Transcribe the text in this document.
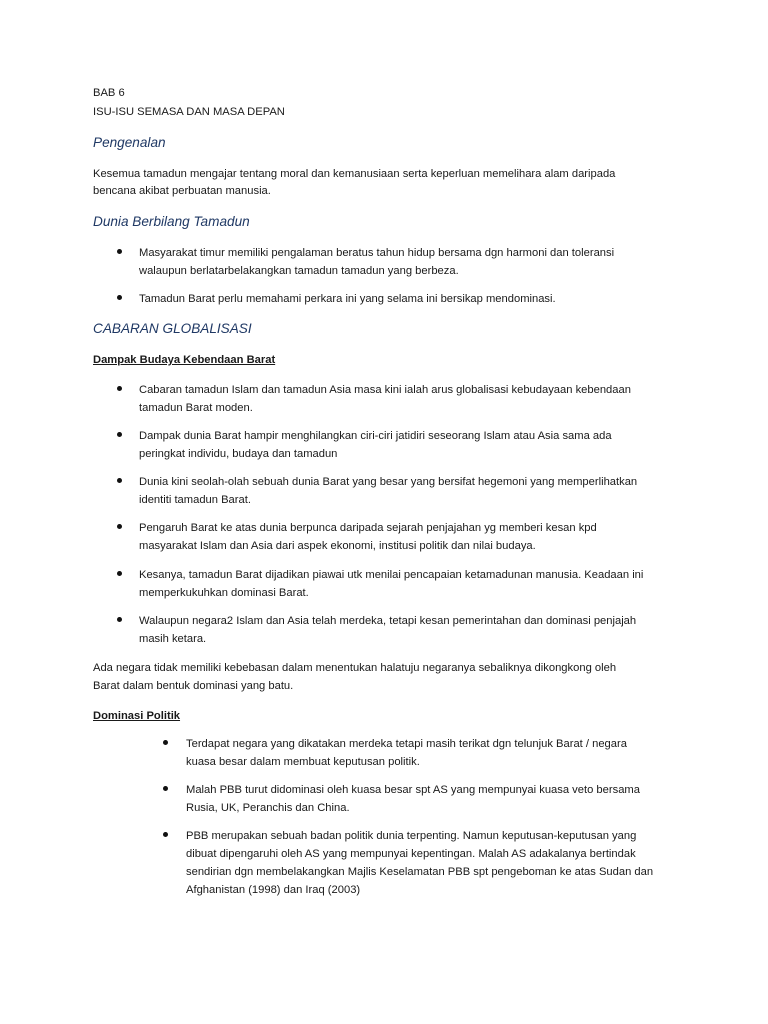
BAB 6
ISU-ISU SEMASA DAN MASA DEPAN
Pengenalan
Kesemua tamadun mengajar tentang moral dan kemanusiaan serta keperluan memelihara alam daripada
bencana akibat perbuatan manusia.
Dunia Berbilang Tamadun
Masyarakat timur memiliki pengalaman beratus tahun hidup bersama dgn harmoni dan toleransi
walaupun berlatarbelakangkan tamadun tamadun yang berbeza.
Tamadun Barat perlu memahami perkara ini yang selama ini bersikap mendominasi.
CABARAN GLOBALISASI
Dampak Budaya Kebendaan Barat
Cabaran tamadun Islam dan tamadun Asia masa kini ialah arus globalisasi kebudayaan kebendaan
tamadun Barat moden.
Dampak dunia Barat hampir menghilangkan ciri-ciri jatidiri seseorang Islam atau Asia sama ada
peringkat individu, budaya dan tamadun
Dunia kini seolah-olah sebuah dunia Barat yang besar yang bersifat hegemoni yang memperlihatkan
identiti tamadun Barat.
Pengaruh Barat ke atas dunia berpunca daripada sejarah penjajahan yg memberi kesan kpd
masyarakat Islam dan Asia dari aspek ekonomi, institusi politik dan nilai budaya.
Kesanya, tamadun Barat dijadikan piawai utk menilai pencapaian ketamadunan manusia. Keadaan ini
memperkukuhkan dominasi Barat.
Walaupun negara2 Islam dan Asia telah merdeka, tetapi kesan pemerintahan dan dominasi penjajah
masih ketara.
Ada negara tidak memiliki kebebasan dalam menentukan halatuju negaranya sebaliknya dikongkong oleh
Barat dalam bentuk dominasi yang batu.
Dominasi Politik
Terdapat negara yang dikatakan merdeka tetapi masih terikat dgn telunjuk Barat / negara
kuasa besar dalam membuat keputusan politik.
Malah PBB turut didominasi oleh kuasa besar spt AS yang mempunyai kuasa veto bersama
Rusia, UK, Peranchis dan China.
PBB merupakan sebuah badan politik dunia terpenting. Namun keputusan-keputusan yang
dibuat dipengaruhi oleh AS yang mempunyai kepentingan. Malah AS adakalanya bertindak
sendirian dgn membelakangkan Majlis Keselamatan PBB spt pengeboman ke atas Sudan dan
Afghanistan (1998) dan Iraq (2003)
